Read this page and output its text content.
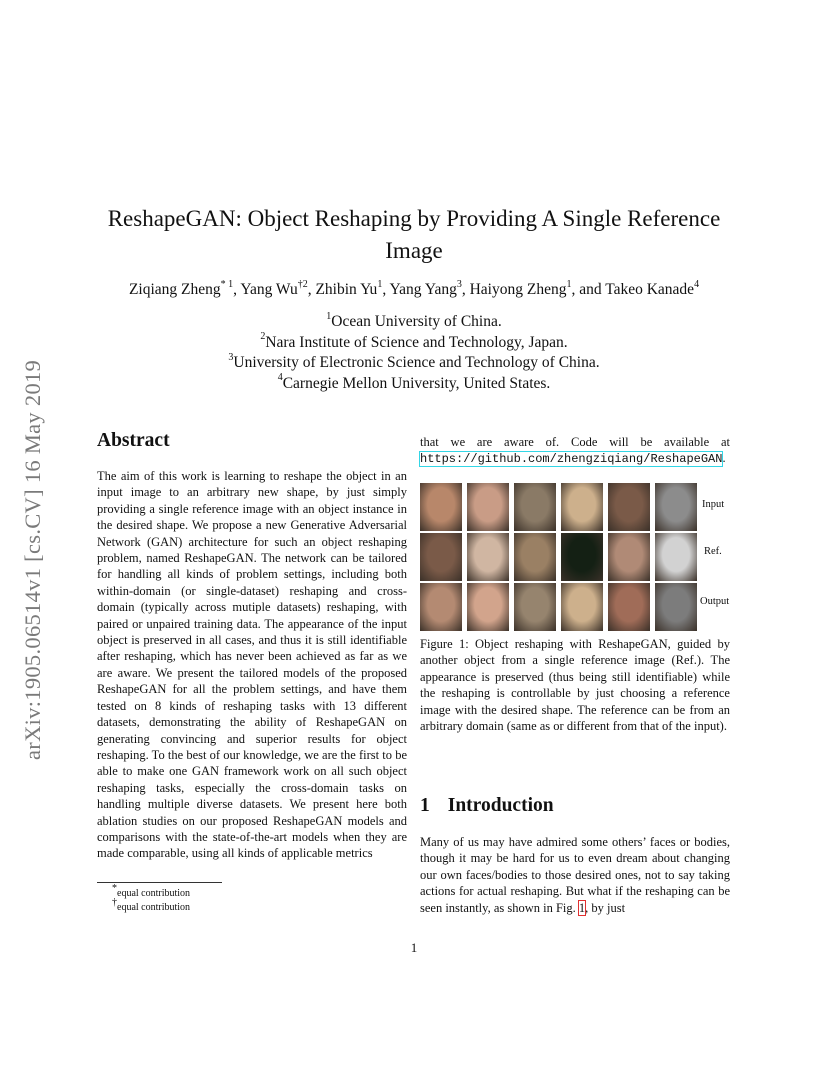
arXiv:1905.06514v1 [cs.CV] 16 May 2019
ReshapeGAN: Object Reshaping by Providing A Single Reference Image
Ziqiang Zheng$^{* 1}$, Yang Wu$^{\dagger 2}$, Zhibin Yu$^1$, Yang Yang$^3$, Haiyong Zheng$^1$, and Takeo Kanade$^4$
$^1$Ocean University of China.
$^2$Nara Institute of Science and Technology, Japan.
$^3$University of Electronic Science and Technology of China.
$^4$Carnegie Mellon University, United States.
Abstract
The aim of this work is learning to reshape the object in an input image to an arbitrary new shape, by just simply providing a single reference image with an object instance in the desired shape. We propose a new Generative Adversarial Network (GAN) architecture for such an object reshaping problem, named ReshapeGAN. The network can be tailored for handling all kinds of problem settings, including both within-domain (or single-dataset) reshaping and cross-domain (typically across mutiple datasets) reshaping, with paired or unpaired training data. The appearance of the input object is preserved in all cases, and thus it is still identifiable after reshaping, which has never been achieved as far as we are aware. We present the tailored models of the proposed ReshapeGAN for all the problem settings, and have them tested on 8 kinds of reshaping tasks with 13 different datasets, demonstrating the ability of ReshapeGAN on generating convincing and superior results for object reshaping. To the best of our knowledge, we are the first to be able to make one GAN framework work on all such object reshaping tasks, especially the cross-domain tasks on handling multiple diverse datasets. We present here both ablation studies on our proposed ReshapeGAN models and comparisons with the state-of-the-art models when they are made comparable, using all kinds of applicable metrics
that we are aware of. Code will be available at https://github.com/zhengziqiang/ReshapeGAN.
Input
Ref.
Output
Figure 1: Object reshaping with ReshapeGAN, guided by another object from a single reference image (Ref.). The appearance is preserved (thus being still identifiable) while the reshaping is controllable by just choosing a reference image with the desired shape. The reference can be from an arbitrary domain (same as or different from that of the input).
1 Introduction
Many of us may have admired some others’ faces or bodies, though it may be hard for us to even dream about changing our own faces/bodies to those desired ones, not to say taking actions for actual reshaping. But what if the reshaping can be seen instantly, as shown in Fig. 1, by just
*equal contribution
†equal contribution
1
